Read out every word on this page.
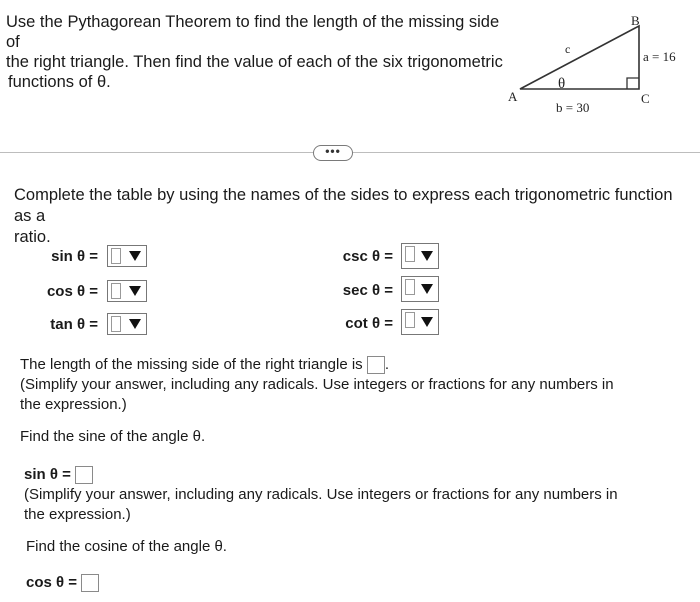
Use the Pythagorean Theorem to find the length of the missing side of
the right triangle. Then find the value of each of the six trigonometric
functions of θ.
B
A	C
c	a = 16
b = 30
θ
•••
Complete the table by using the names of the sides to express each trigonometric function as a
ratio.
sin θ =
cos θ =
tan θ =
csc θ =
sec θ =
cot θ =
The length of the missing side of the right triangle is .
(Simplify your answer, including any radicals. Use integers or fractions for any numbers in
the expression.)
Find the sine of the angle θ.
sin θ =
(Simplify your answer, including any radicals. Use integers or fractions for any numbers in
the expression.)
Find the cosine of the angle θ.
cos θ =
